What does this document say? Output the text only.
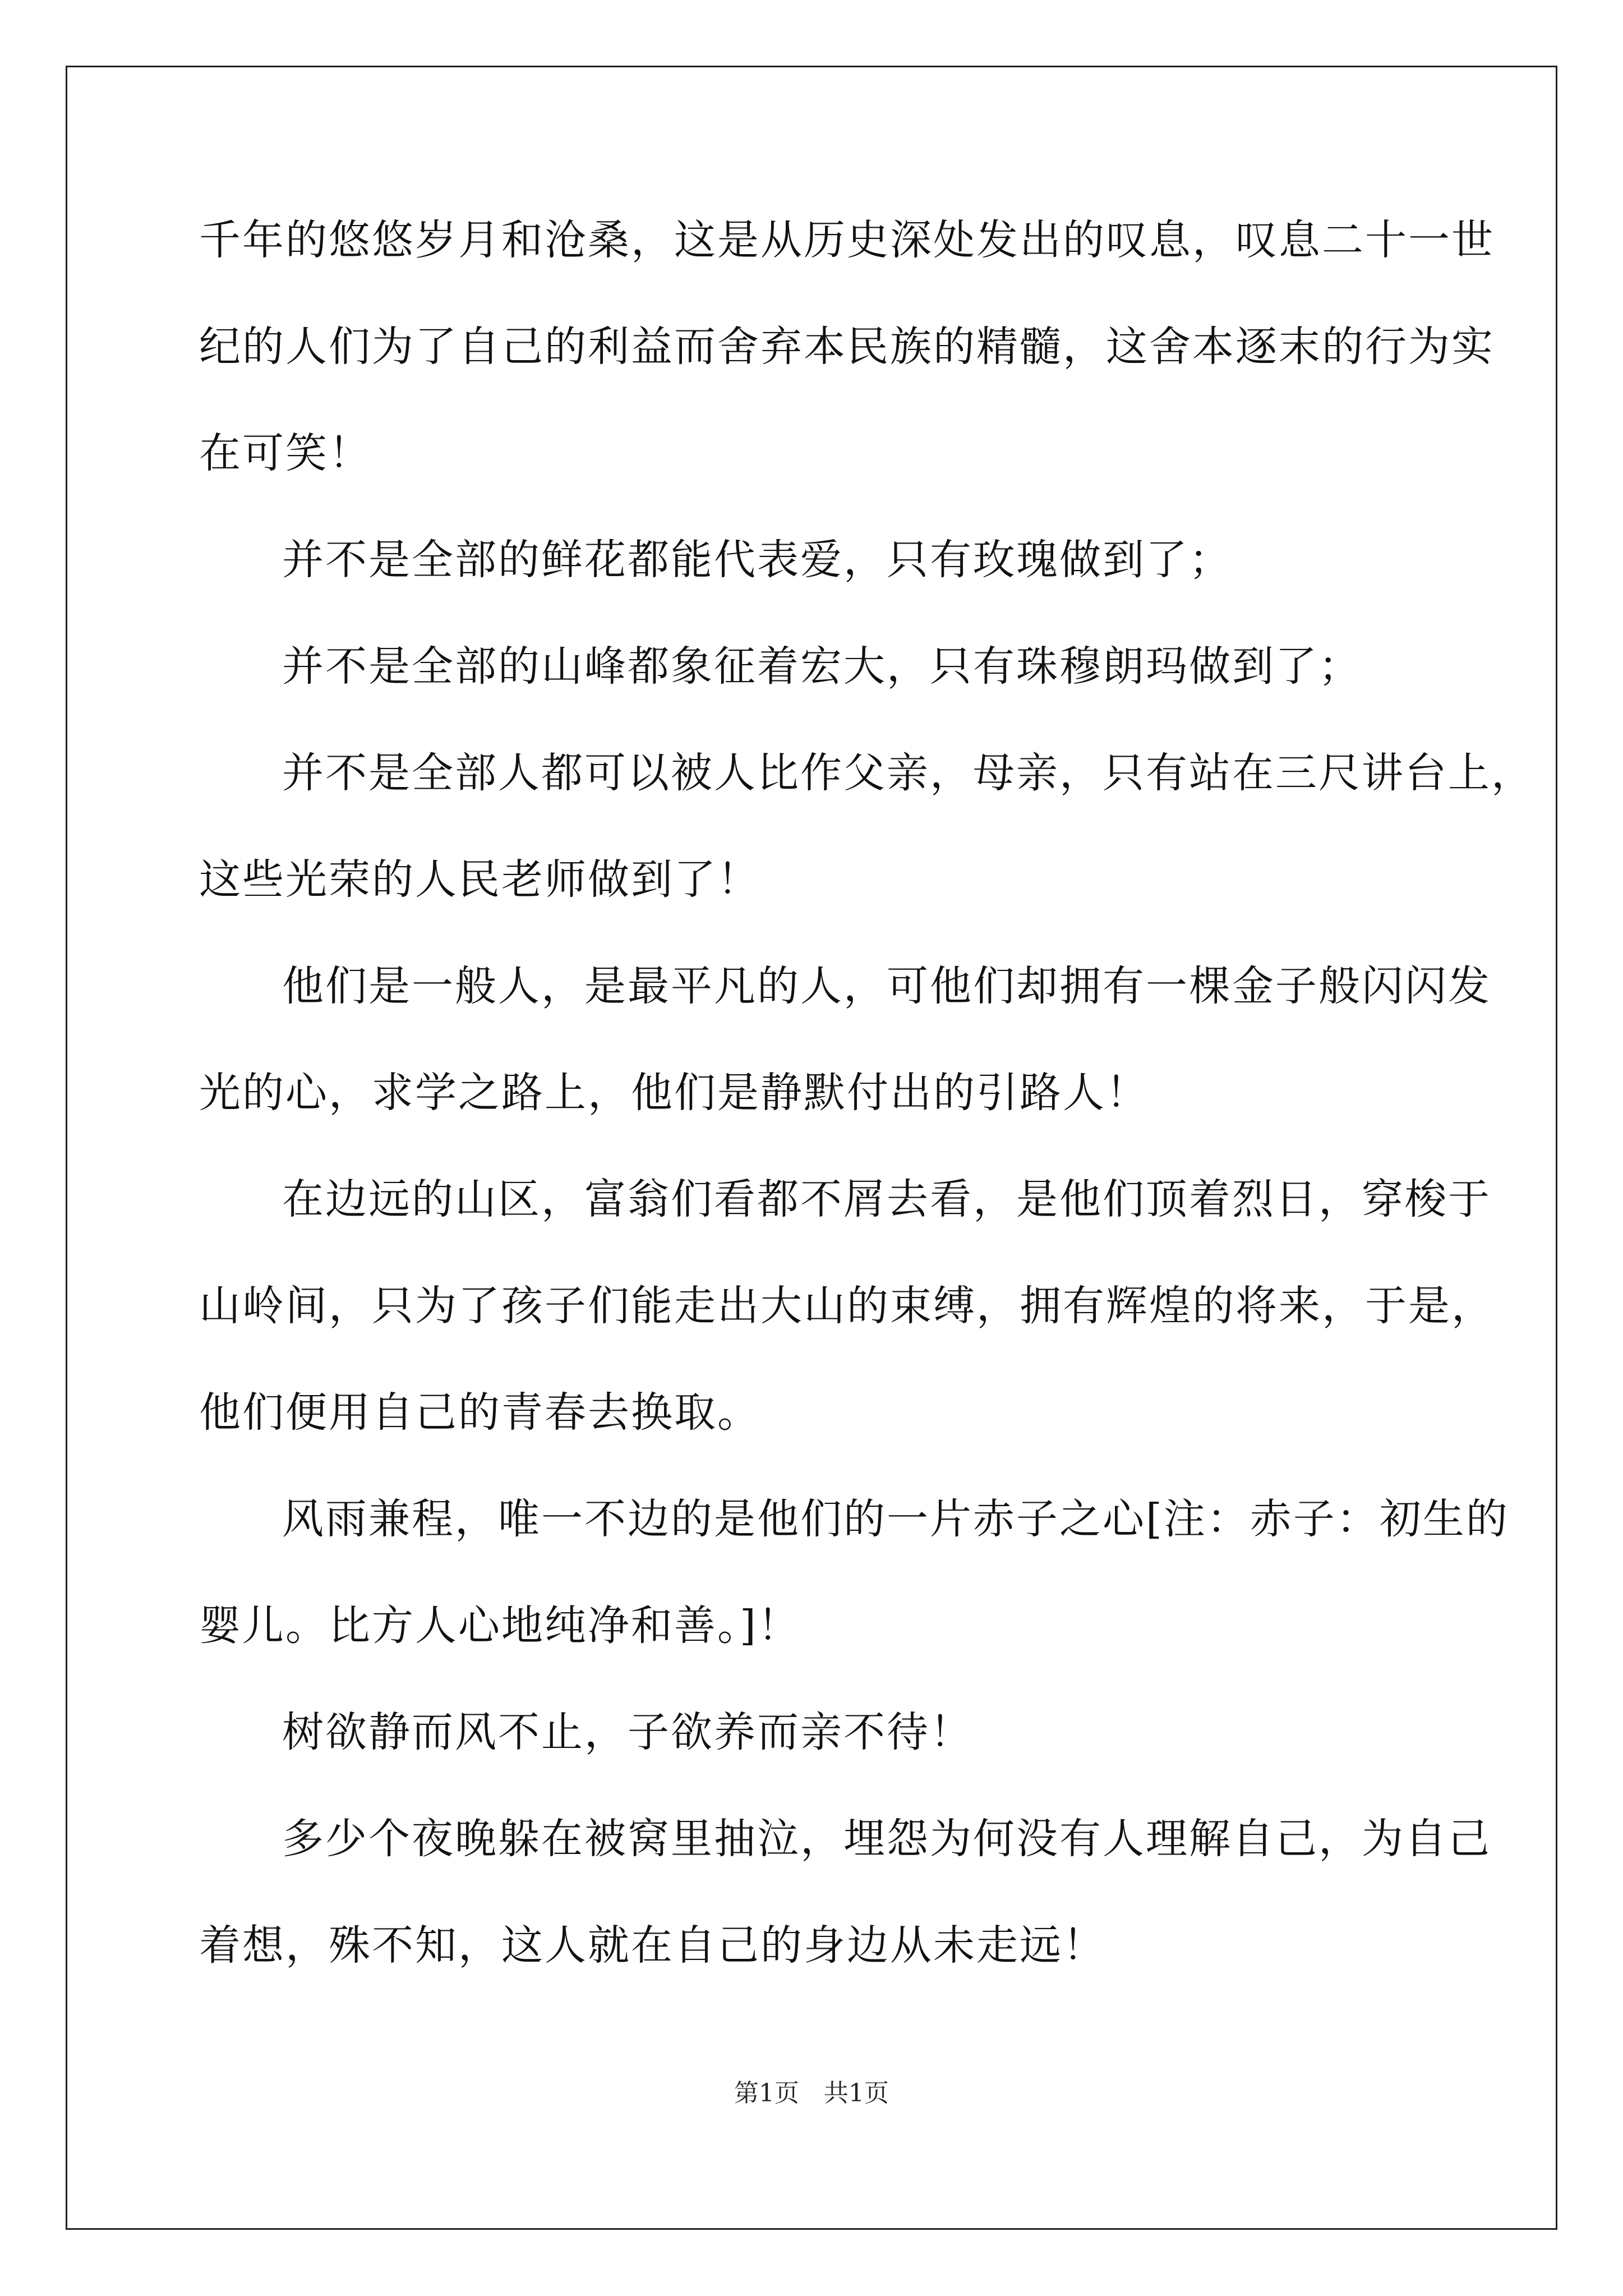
千年的悠悠岁月和沧桑，这是从历史深处发出的叹息，叹息二十一世
纪的人们为了自己的利益而舍弃本民族的精髓，这舍本逐末的行为实
在可笑！
并不是全部的鲜花都能代表爱，只有玫瑰做到了；
并不是全部的山峰都象征着宏大，只有珠穆朗玛做到了；
并不是全部人都可以被人比作父亲，母亲，只有站在三尺讲台上，
这些光荣的人民老师做到了！
他们是一般人，是最平凡的人，可他们却拥有一棵金子般闪闪发
光的心，求学之路上，他们是静默付出的引路人！
在边远的山区，富翁们看都不屑去看，是他们顶着烈日，穿梭于
山岭间，只为了孩子们能走出大山的束缚，拥有辉煌的将来，于是，
他们便用自己的青春去换取。
风雨兼程，唯一不边的是他们的一片赤子之心[注：赤子：初生的
婴儿。比方人心地纯净和善。]！
树欲静而风不止，子欲养而亲不待！
多少个夜晚躲在被窝里抽泣，埋怨为何没有人理解自己，为自己
着想，殊不知，这人就在自己的身边从未走远！
第1页　共1页
